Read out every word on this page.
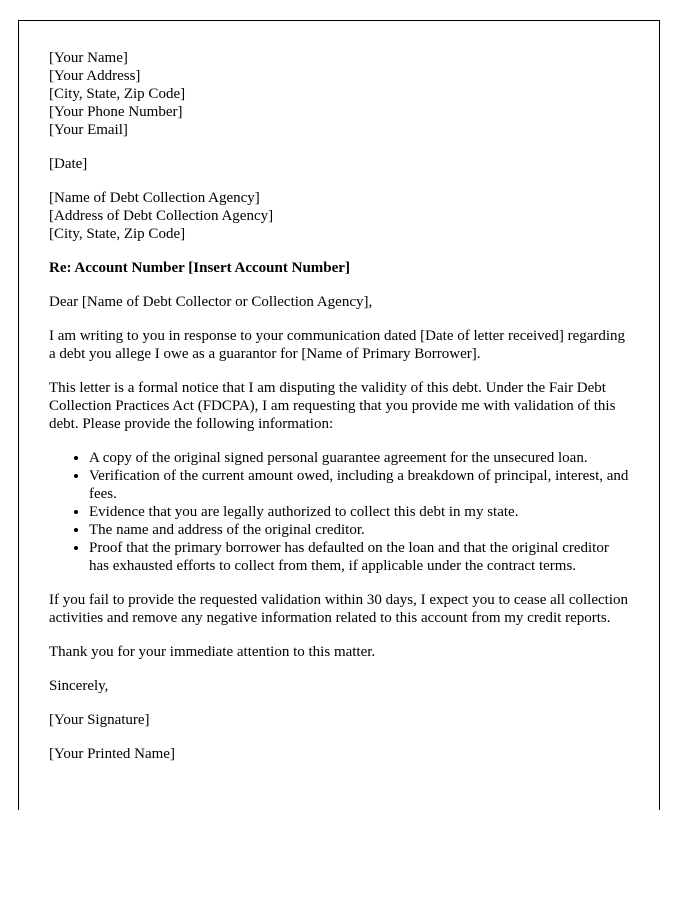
[Your Name]
[Your Address]
[City, State, Zip Code]
[Your Phone Number]
[Your Email]
[Date]
[Name of Debt Collection Agency]
[Address of Debt Collection Agency]
[City, State, Zip Code]
Re: Account Number [Insert Account Number]
Dear [Name of Debt Collector or Collection Agency],

I am writing to you in response to your communication dated [Date of letter received] regarding a debt you allege I owe as a guarantor for [Name of Primary Borrower].

This letter is a formal notice that I am disputing the validity of this debt. Under the Fair Debt Collection Practices Act (FDCPA), I am requesting that you provide me with validation of this debt. Please provide the following information:

• A copy of the original signed personal guarantee agreement for the unsecured loan.
• Verification of the current amount owed, including a breakdown of principal, interest, and fees.
• Evidence that you are legally authorized to collect this debt in my state.
• The name and address of the original creditor.
• Proof that the primary borrower has defaulted on the loan and that the original creditor has exhausted efforts to collect from them, if applicable under the contract terms.

If you fail to provide the requested validation within 30 days, I expect you to cease all collection activities and remove any negative information related to this account from my credit reports.

Thank you for your immediate attention to this matter.

Sincerely,
[Your Signature]
[Your Printed Name]
